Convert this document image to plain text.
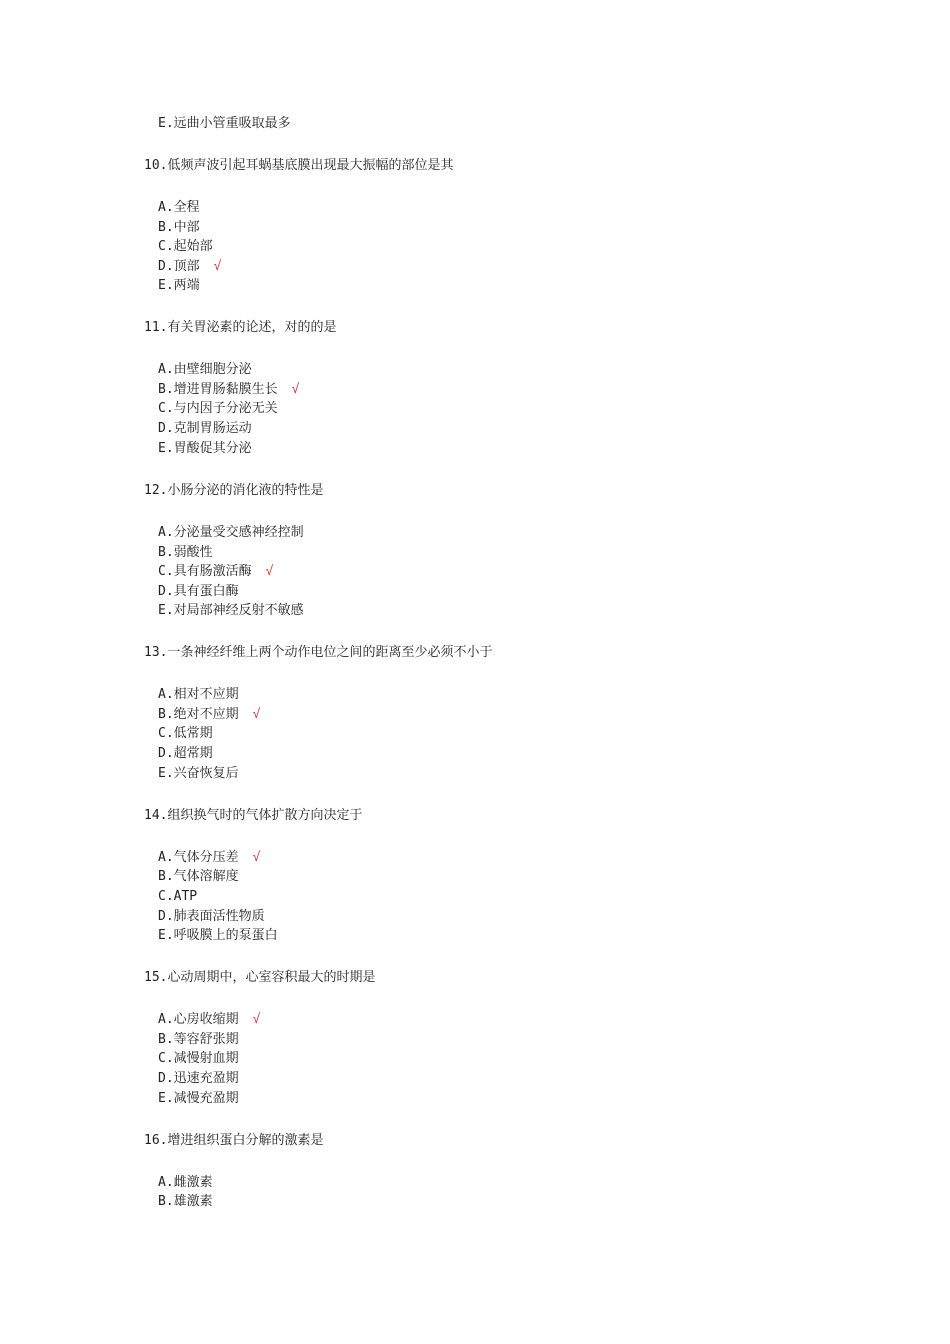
E.远曲小管重吸取最多
10.低频声波引起耳蜗基底膜出现最大振幅的部位是其
A.全程
B.中部
C.起始部
D.顶部 √
E.两端
11.有关胃泌素的论述，对的的是
A.由壁细胞分泌
B.增进胃肠黏膜生长 √
C.与内因子分泌无关
D.克制胃肠运动
E.胃酸促其分泌
12.小肠分泌的消化液的特性是
A.分泌量受交感神经控制
B.弱酸性
C.具有肠激活酶 √
D.具有蛋白酶
E.对局部神经反射不敏感
13.一条神经纤维上两个动作电位之间的距离至少必须不小于
A.相对不应期
B.绝对不应期 √
C.低常期
D.超常期
E.兴奋恢复后
14.组织换气时的气体扩散方向决定于
A.气体分压差 √
B.气体溶解度
C.ATP
D.肺表面活性物质
E.呼吸膜上的泵蛋白
15.心动周期中，心室容积最大的时期是
A.心房收缩期 √
B.等容舒张期
C.减慢射血期
D.迅速充盈期
E.减慢充盈期
16.增进组织蛋白分解的激素是
A.雌激素
B.雄激素
